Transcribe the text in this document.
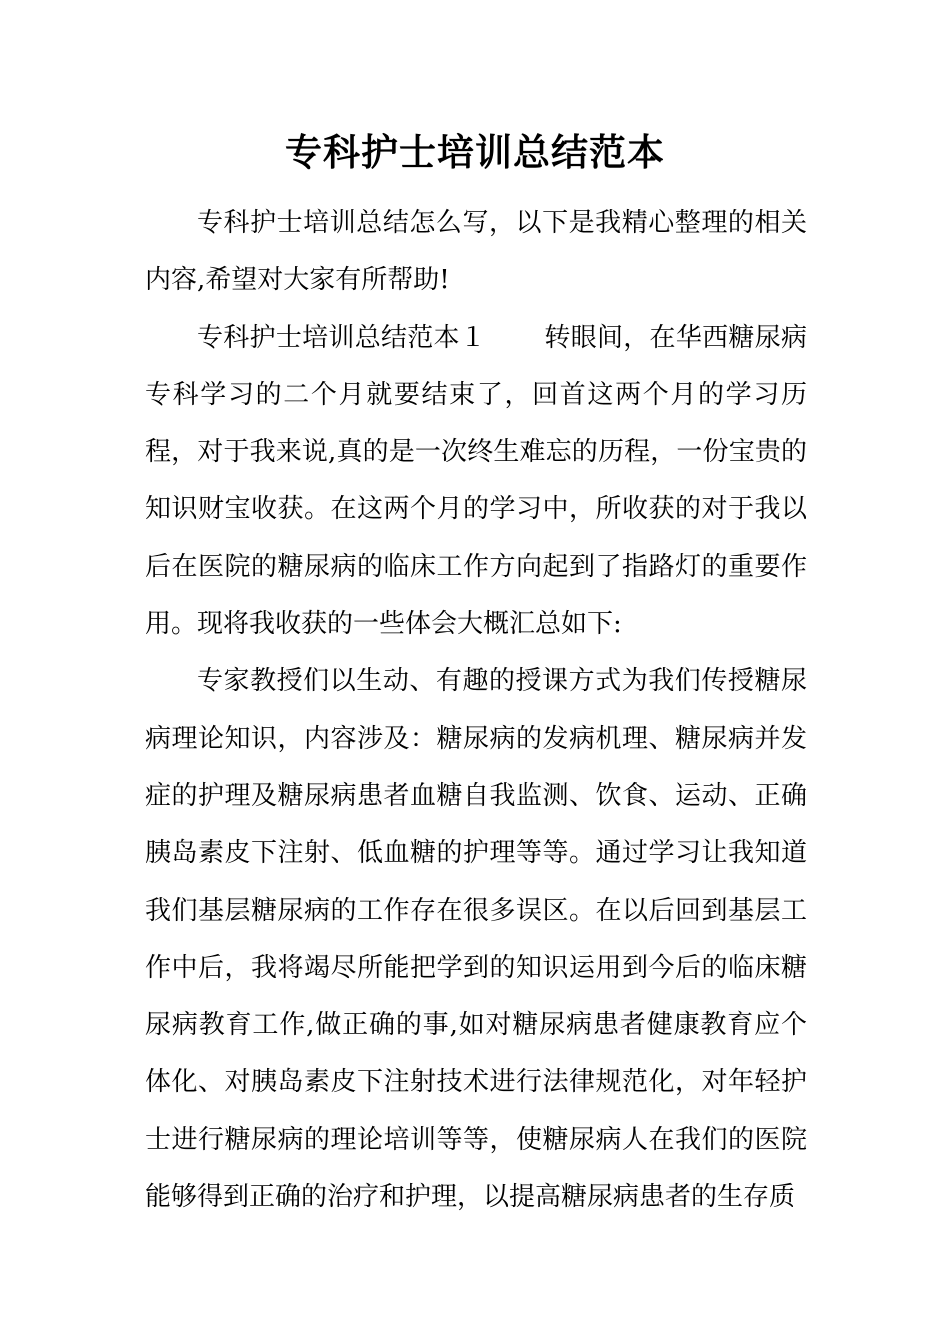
专科护士培训总结范本

专科护士培训总结怎么写，以下是我精心整理的相关内容,希望对大家有所帮助!

专科护士培训总结范本１ 转眼间，在华西糖尿病专科学习的二个月就要结束了，回首这两个月的学习历程，对于我来说,真的是一次终生难忘的历程，一份宝贵的知识财宝收获。在这两个月的学习中，所收获的对于我以后在医院的糖尿病的临床工作方向起到了指路灯的重要作用。现将我收获的一些体会大概汇总如下:

专家教授们以生动、有趣的授课方式为我们传授糖尿病理论知识，内容涉及：糖尿病的发病机理、糖尿病并发症的护理及糖尿病患者血糖自我监测、饮食、运动、正确胰岛素皮下注射、低血糖的护理等等。通过学习让我知道我们基层糖尿病的工作存在很多误区。在以后回到基层工作中后，我将竭尽所能把学到的知识运用到今后的临床糖尿病教育工作,做正确的事,如对糖尿病患者健康教育应个体化、对胰岛素皮下注射技术进行法律规范化，对年轻护士进行糖尿病的理论培训等等，使糖尿病人在我们的医院能够得到正确的治疗和护理，以提高糖尿病患者的生存质
